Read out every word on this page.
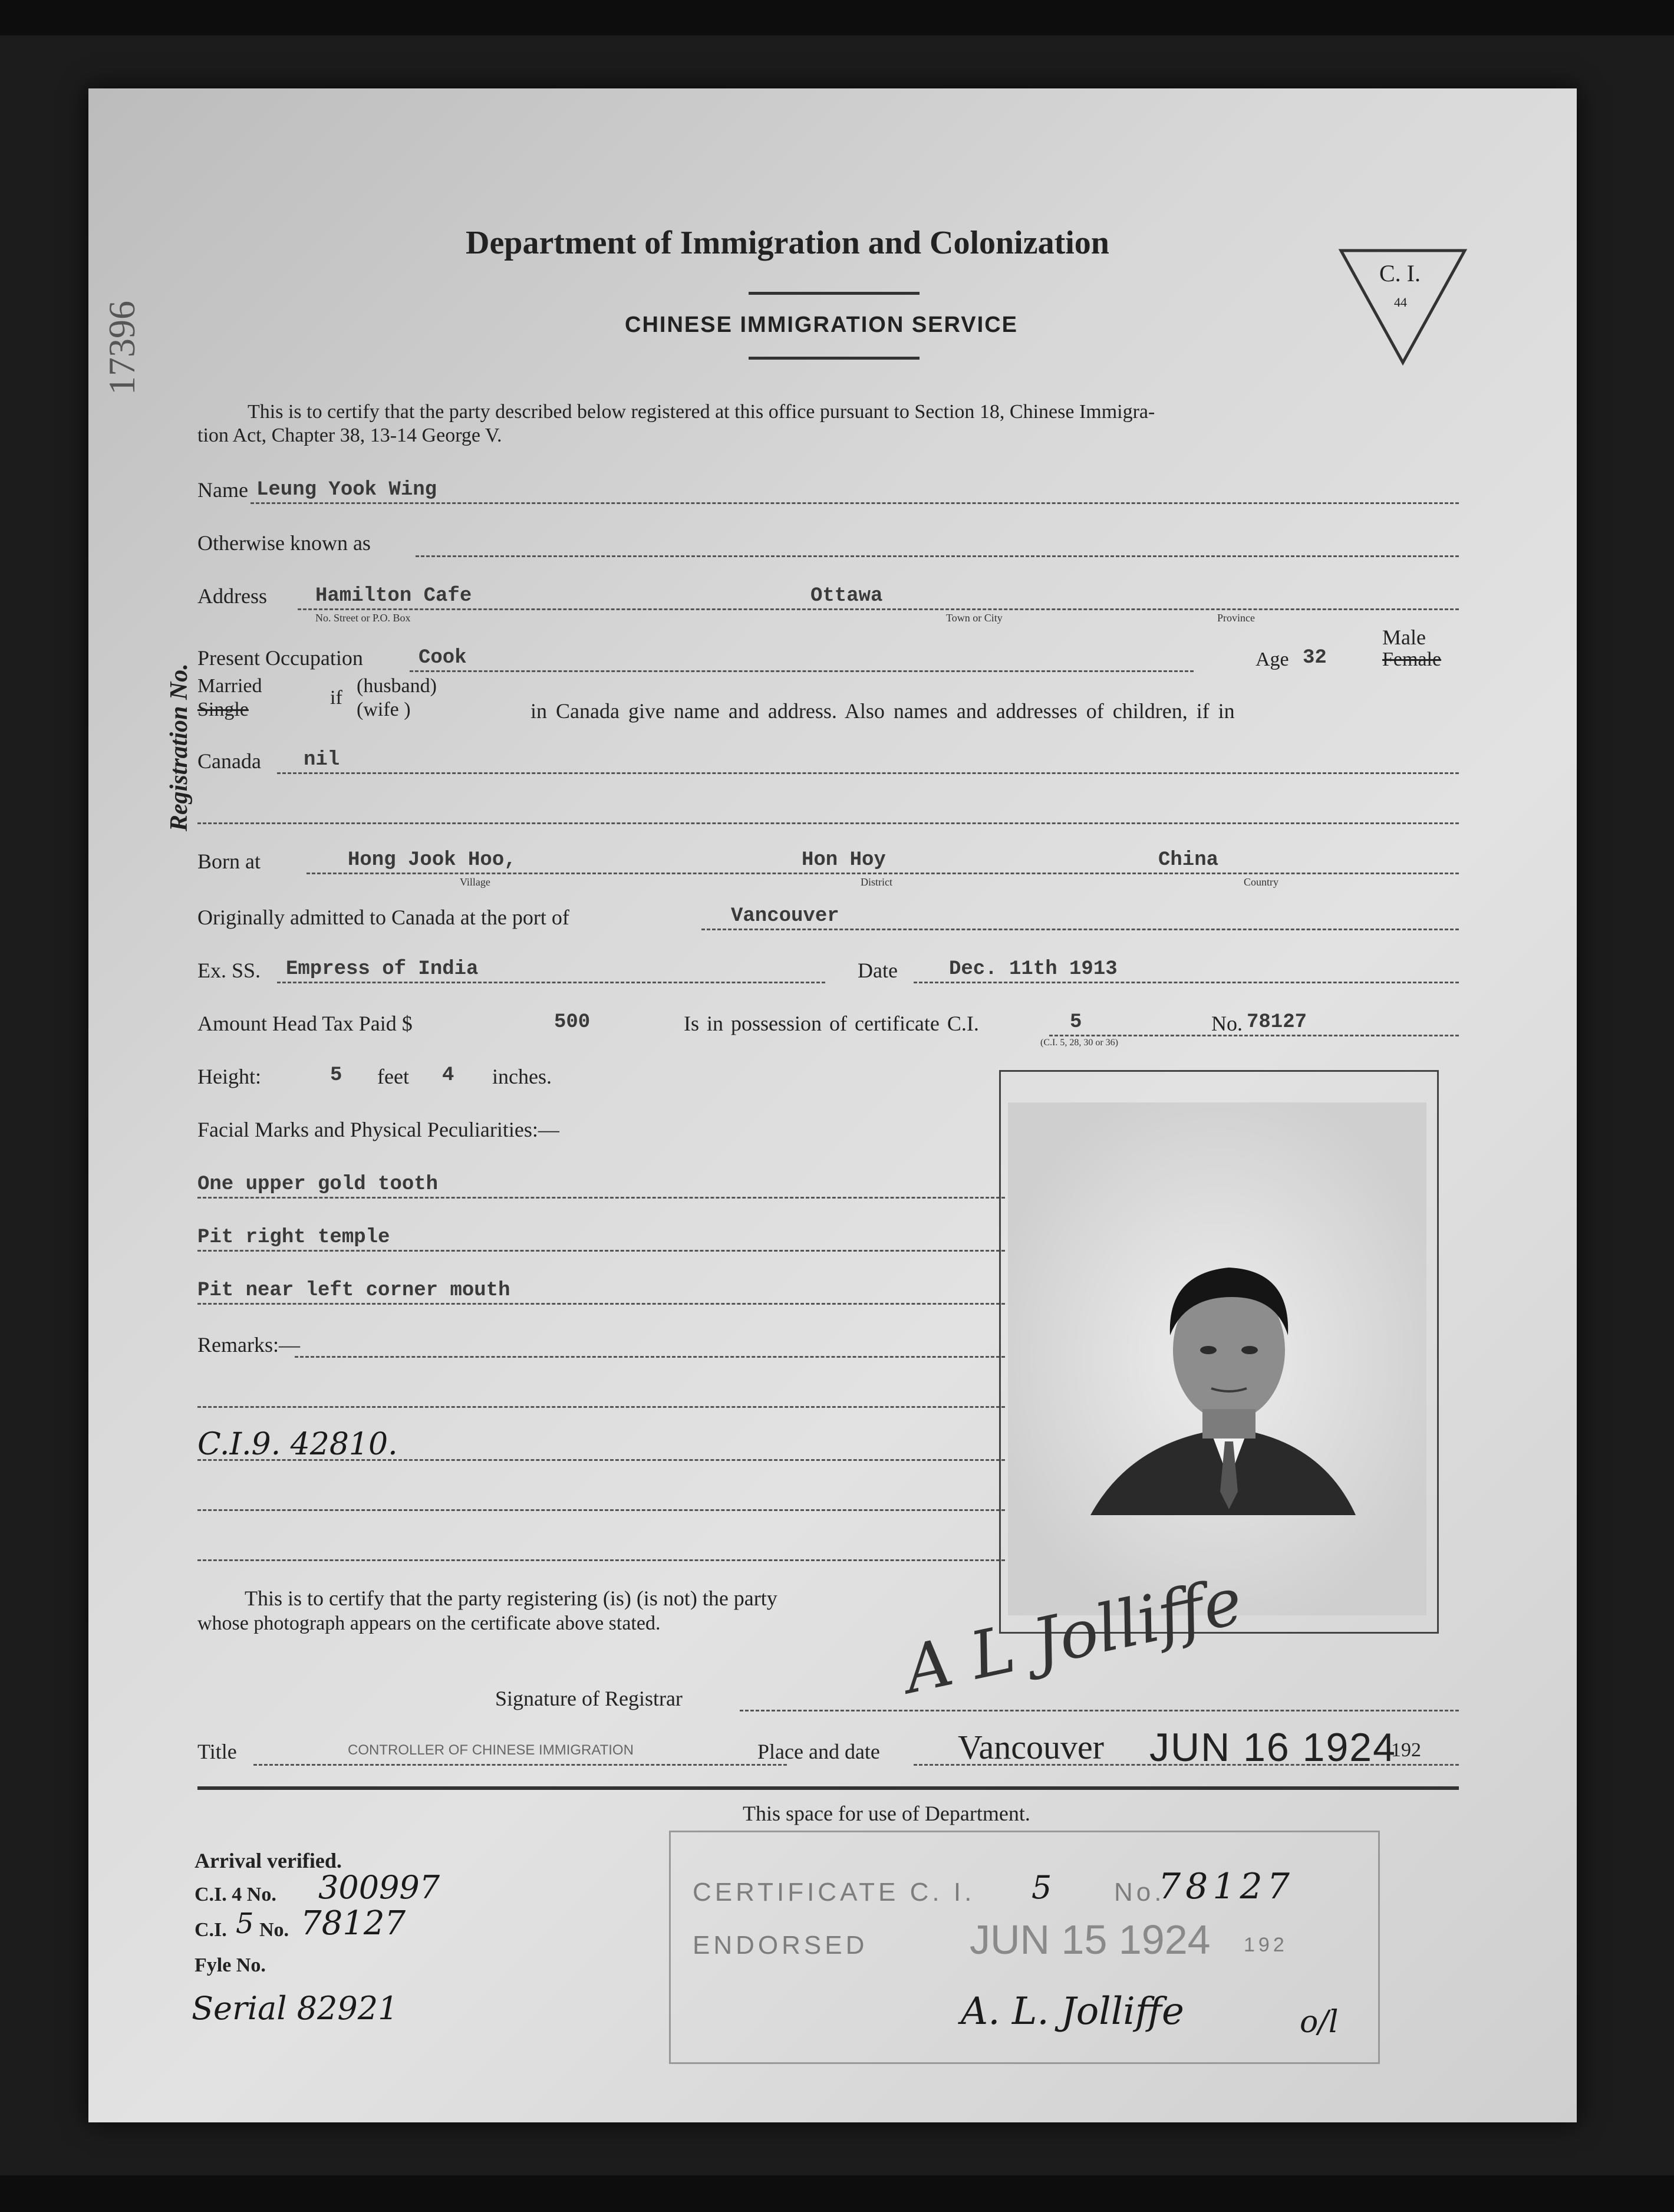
Department of Immigration and Colonization
CHINESE IMMIGRATION SERVICE
C. I.
44
17396
Registration No.
This is to certify that the party described below registered at this office pursuant to Section 18, Chinese Immigra-
tion Act, Chapter 38, 13-14 George V.
Name Leung Yook Wing
Otherwise known as
Address Hamilton Cafe
No. Street or P.O. Box
Ottawa
Town or City	Province
Present Occupation	Cook	Age 32
Male
Female
Married
Single
if
(husband)
(wife )	in Canada give name and address. Also names and addresses of children, if in
Canada nil
Born at	Hong Jook Hoo,
Village
Hon Hoy
District
China
Country
Originally admitted to Canada at the port of	Vancouver
Ex. SS. Empress of India	Date	Dec. 11th 1913
Amount Head Tax Paid $	500	Is in possession of certificate C.I.	5	No. 78127
(C.I. 5, 28, 30 or 36)
Height:	5 feet 4 inches.
Facial Marks and Physical Peculiarities:—
One upper gold tooth
Pit right temple
Pit near left corner mouth
Remarks:—
C.I.9. 42810.
This is to certify that the party registering (is) (is not) the party
whose photograph appears on the certificate above stated.
Signature of Registrar	A L Jolliffe
Title	CONTROLLER OF CHINESE IMMIGRATION	Place and date Vancouver JUN 16 1924
192
This space for use of Department.
Arrival verified.
C.I. 4 No. 300997
C.I. 5 No. 78127
Fyle No.
Serial 82921
CERTIFICATE C. I. 5 No.
78127
ENDORSED JUN 15 1924 192
A. L. Jolliffe	o/l
